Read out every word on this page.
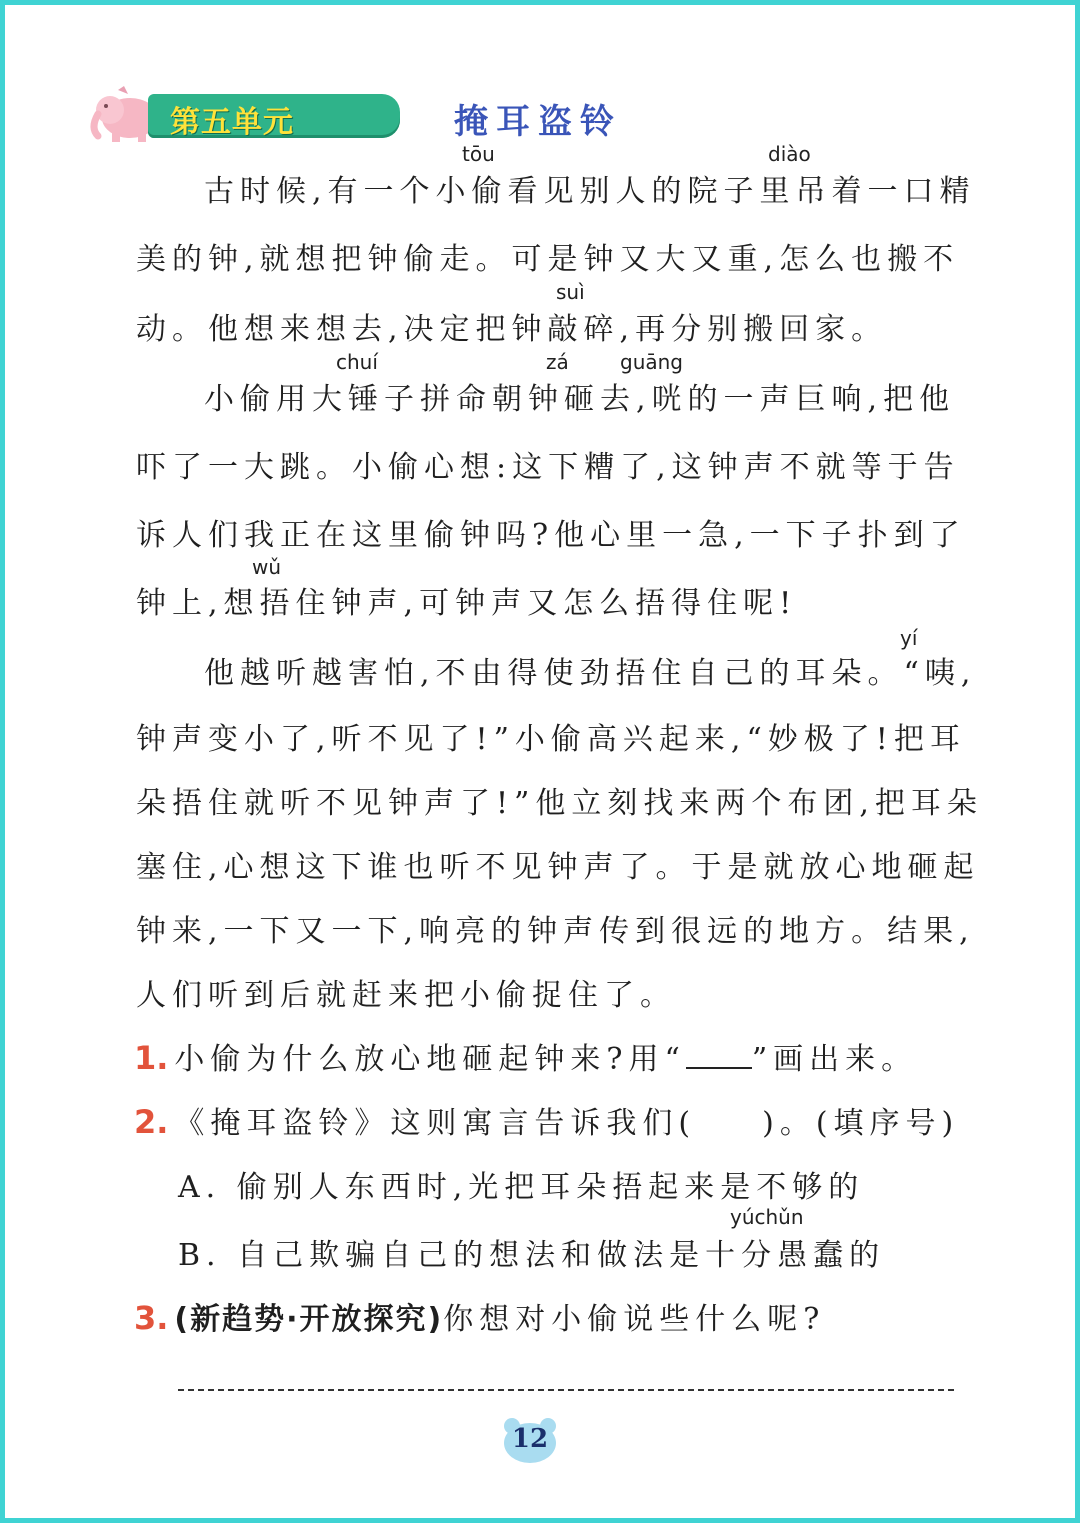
第五单元	掩耳盗铃
tōu	diào
suì
chuí	zá	guāng
wǔ
yí
yúchǔn
古时候,有一个小偷看见别人的院子里吊着一口精
美的钟,就想把钟偷走。可是钟又大又重,怎么也搬不
动。他想来想去,决定把钟敲碎,再分别搬回家。
小偷用大锤子拼命朝钟砸去,咣的一声巨响,把他
吓了一大跳。小偷心想:这下糟了,这钟声不就等于告
诉人们我正在这里偷钟吗?他心里一急,一下子扑到了
钟上,想捂住钟声,可钟声又怎么捂得住呢!
他越听越害怕,不由得使劲捂住自己的耳朵。“咦,
钟声变小了,听不见了!”小偷高兴起来,“妙极了!把耳
朵捂住就听不见钟声了!”他立刻找来两个布团,把耳朵
塞住,心想这下谁也听不见钟声了。于是就放心地砸起
钟来,一下又一下,响亮的钟声传到很远的地方。结果,
人们听到后就赶来把小偷捉住了。
1. 小偷为什么放心地砸起钟来?用“ ”画出来。
2. 《掩耳盗铃》这则寓言告诉我们( )。(填序号)
A. 偷别人东西时,光把耳朵捂起来是不够的
B. 自己欺骗自己的想法和做法是十分愚蠢的
3. (新趋势·开放探究)你想对小偷说些什么呢?
12
